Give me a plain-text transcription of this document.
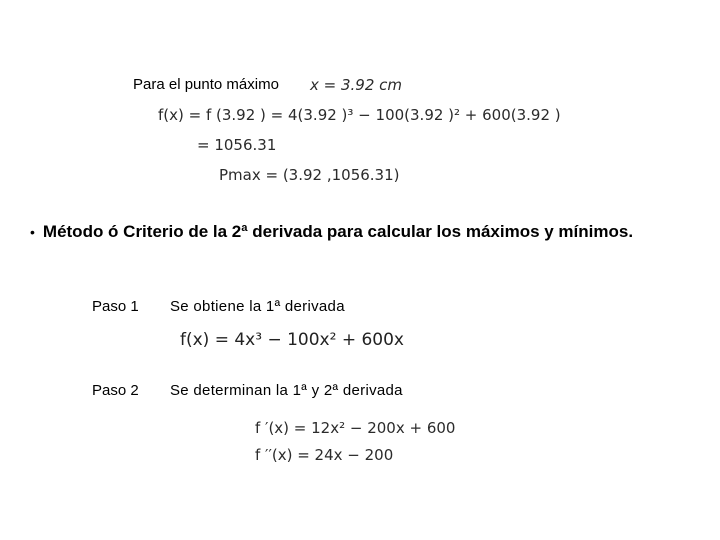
Para el punto máximo x = 3.92 cm
f(x) = f (3.92 ) = 4(3.92 )³ − 100(3.92 )² + 600(3.92 )
= 1056.31
Pmax = (3.92 ,1056.31)
• Método ó Criterio de la 2ª derivada para calcular los máximos y mínimos.
Paso 1 Se obtiene la 1ª derivada
f(x) = 4x³ − 100x² + 600x
Paso 2 Se determinan la 1ª y 2ª derivada
f ′(x) = 12x² − 200x + 600
f ′′(x) = 24x − 200
